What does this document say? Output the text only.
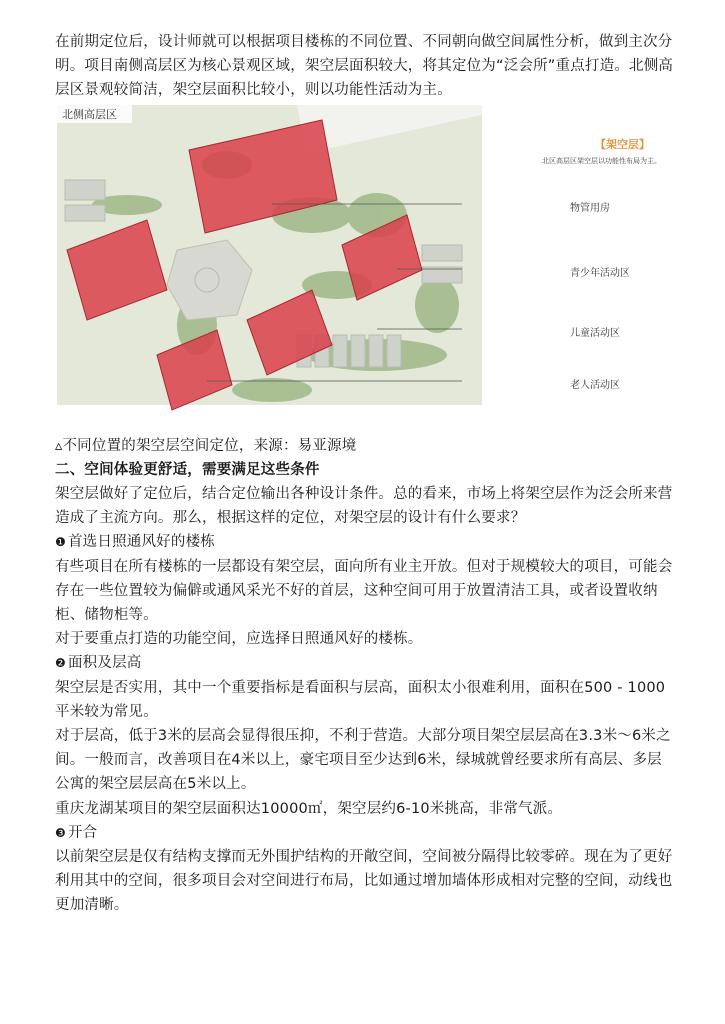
在前期定位后，设计师就可以根据项目楼栋的不同位置、不同朝向做空间属性分析，做到主次分明。项目南侧高层区为核心景观区域，架空层面积较大，将其定位为“泛会所”重点打造。北侧高层区景观较简洁，架空层面积比较小，则以功能性活动为主。

北侧高层区

▵不同位置的架空层空间定位，来源：易亚源境

二、空间体验更舒适，需要满足这些条件

架空层做好了定位后，结合定位输出各种设计条件。总的看来，市场上将架空层作为泛会所来营造成了主流方向。那么，根据这样的定位，对架空层的设计有什么要求？

❶ 首选日照通风好的楼栋

有些项目在所有楼栋的一层都设有架空层，面向所有业主开放。但对于规模较大的项目，可能会存在一些位置较为偏僻或通风采光不好的首层，这种空间可用于放置清洁工具，或者设置收纳柜、储物柜等。

对于要重点打造的功能空间，应选择日照通风好的楼栋。

❷ 面积及层高

架空层是否实用，其中一个重要指标是看面积与层高，面积太小很难利用，面积在500 - 1000平米较为常见。

对于层高，低于3米的层高会显得很压抑，不利于营造。大部分项目架空层层高在3.3米～6米之间。一般而言，改善项目在4米以上，豪宅项目至少达到6米，绿城就曾经要求所有高层、多层公寓的架空层层高在5米以上。

重庆龙湖某项目的架空层面积达10000㎡，架空层约6-10米挑高，非常气派。

❸ 开合

以前架空层是仅有结构支撑而无外围护结构的开敞空间，空间被分隔得比较零碎。现在为了更好利用其中的空间，很多项目会对空间进行布局，比如通过增加墙体形成相对完整的空间，动线也更加清晰。

【架空层】
北区高层区架空层以功能性布局为主。
物管用房
青少年活动区
儿童活动区
老人活动区
